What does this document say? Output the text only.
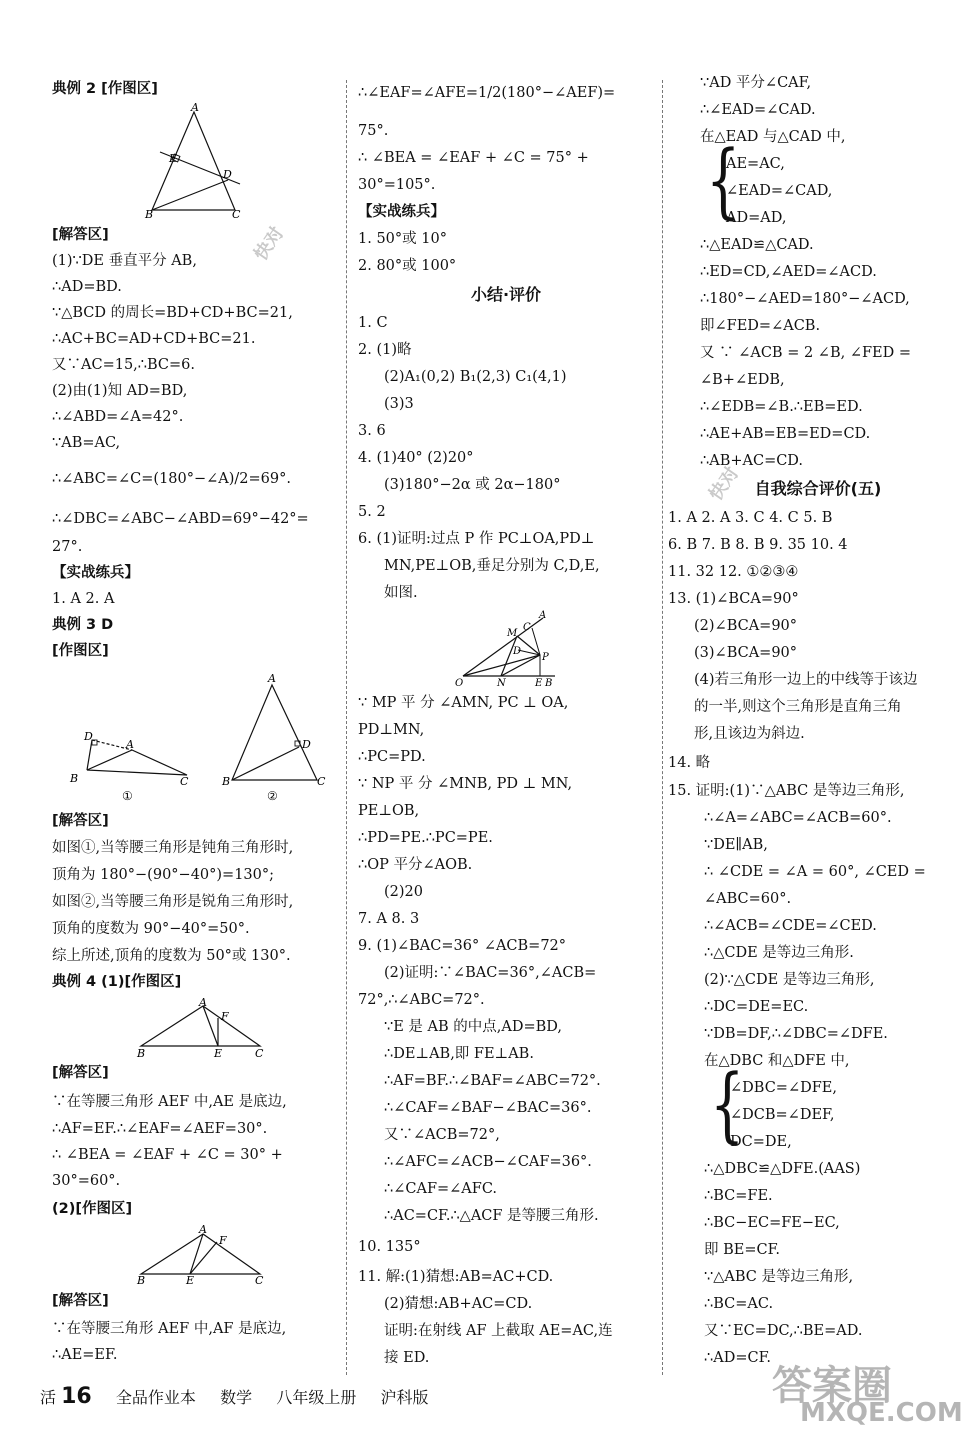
典例 2 [作图区]
A
E
D
B	C
[解答区]
(1)∵DE 垂直平分 AB,
∴AD=BD.
∵△BCD 的周长=BD+CD+BC=21,
∴AC+BC=AD+CD+BC=21.
又∵AC=15,∴BC=6.
(2)由(1)知 AD=BD,
∴∠ABD=∠A=42°.
∵AB=AC,
∴∠ABC=∠C=(180°−∠A)/2=69°.
∴∠DBC=∠ABC−∠ABD=69°−42°=
27°.
【实战练兵】
1. A 2. A
典例 3 D
[作图区]
D
A
B	C
①
A
D
B	C
②
[解答区]
如图①,当等腰三角形是钝角三角形时,
顶角为 180°−(90°−40°)=130°;
如图②,当等腰三角形是锐角三角形时,
顶角的度数为 90°−40°=50°.
综上所述,顶角的度数为 50°或 130°.
典例 4 (1)[作图区]
A
F
B	E	C
[解答区]
∵在等腰三角形 AEF 中,AE 是底边,
∴AF=EF.∴∠EAF=∠AEF=30°.
∴ ∠BEA = ∠EAF + ∠C = 30° +
30°=60°.
(2)[作图区]
A
F
B	E	C
[解答区]
∵在等腰三角形 AEF 中,AF 是底边,
∴AE=EF.
∴∠EAF=∠AFE=1/2(180°−∠AEF)=
75°.
∴ ∠BEA = ∠EAF + ∠C = 75° +
30°=105°.
【实战练兵】
1. 50°或 10°
2. 80°或 100°
小结·评价
1. C
2. (1)略
(2)A₁(0,2) B₁(2,3) C₁(4,1)
(3)3
3. 6
4. (1)40° (2)20°
(3)180°−2α 或 2α−180°
5. 2
6. (1)证明:过点 P 作 PC⊥OA,PD⊥
MN,PE⊥OB,垂足分别为 C,D,E,
如图.
A
M
C
D
P
O	N	E B
∵ MP 平 分 ∠AMN, PC ⊥ OA,
PD⊥MN,
∴PC=PD.
∵ NP 平 分 ∠MNB, PD ⊥ MN,
PE⊥OB,
∴PD=PE.∴PC=PE.
∴OP 平分∠AOB.
(2)20
7. A 8. 3
9. (1)∠BAC=36° ∠ACB=72°
(2)证明:∵∠BAC=36°,∠ACB=
72°,∴∠ABC=72°.
∵E 是 AB 的中点,AD=BD,
∴DE⊥AB,即 FE⊥AB.
∴AF=BF.∴∠BAF=∠ABC=72°.
∴∠CAF=∠BAF−∠BAC=36°.
又∵∠ACB=72°,
∴∠AFC=∠ACB−∠CAF=36°.
∴∠CAF=∠AFC.
∴AC=CF.∴△ACF 是等腰三角形.
10. 135°
11. 解:(1)猜想:AB=AC+CD.
(2)猜想:AB+AC=CD.
证明:在射线 AF 上截取 AE=AC,连
接 ED.
∵AD 平分∠CAF,
∴∠EAD=∠CAD.
在△EAD 与△CAD 中,
{
AE=AC,
∠EAD=∠CAD,
AD=AD,
∴△EAD≌△CAD.
∴ED=CD,∠AED=∠ACD.
∴180°−∠AED=180°−∠ACD,
即∠FED=∠ACB.
又 ∵ ∠ACB = 2 ∠B, ∠FED =
∠B+∠EDB,
∴∠EDB=∠B.∴EB=ED.
∴AE+AB=EB=ED=CD.
∴AB+AC=CD.
自我综合评价(五)
1. A 2. A 3. C 4. C 5. B
6. B 7. B 8. B 9. 35 10. 4
11. 32 12. ①②③④
13. (1)∠BCA=90°
(2)∠BCA=90°
(3)∠BCA=90°
(4)若三角形一边上的中线等于该边
的一半,则这个三角形是直角三角
形,且该边为斜边.
14. 略
15. 证明:(1)∵△ABC 是等边三角形,
∴∠A=∠ABC=∠ACB=60°.
∵DE∥AB,
∴ ∠CDE = ∠A = 60°, ∠CED =
∠ABC=60°.
∴∠ACB=∠CDE=∠CED.
∴△CDE 是等边三角形.
(2)∵△CDE 是等边三角形,
∴DC=DE=EC.
∵DB=DF,∴∠DBC=∠DFE.
在△DBC 和△DFE 中,
{
∠DBC=∠DFE,
∠DCB=∠DEF,
DC=DE,
∴△DBC≌△DFE.(AAS)
∴BC=FE.
∴BC−EC=FE−EC,
即 BE=CF.
∵△ABC 是等边三角形,
∴BC=AC.
又∵EC=DC,∴BE=AD.
∴AD=CF.
快对
快对
答案圈
MXQE.COM
活 16 全品作业本 数学 八年级上册 沪科版
